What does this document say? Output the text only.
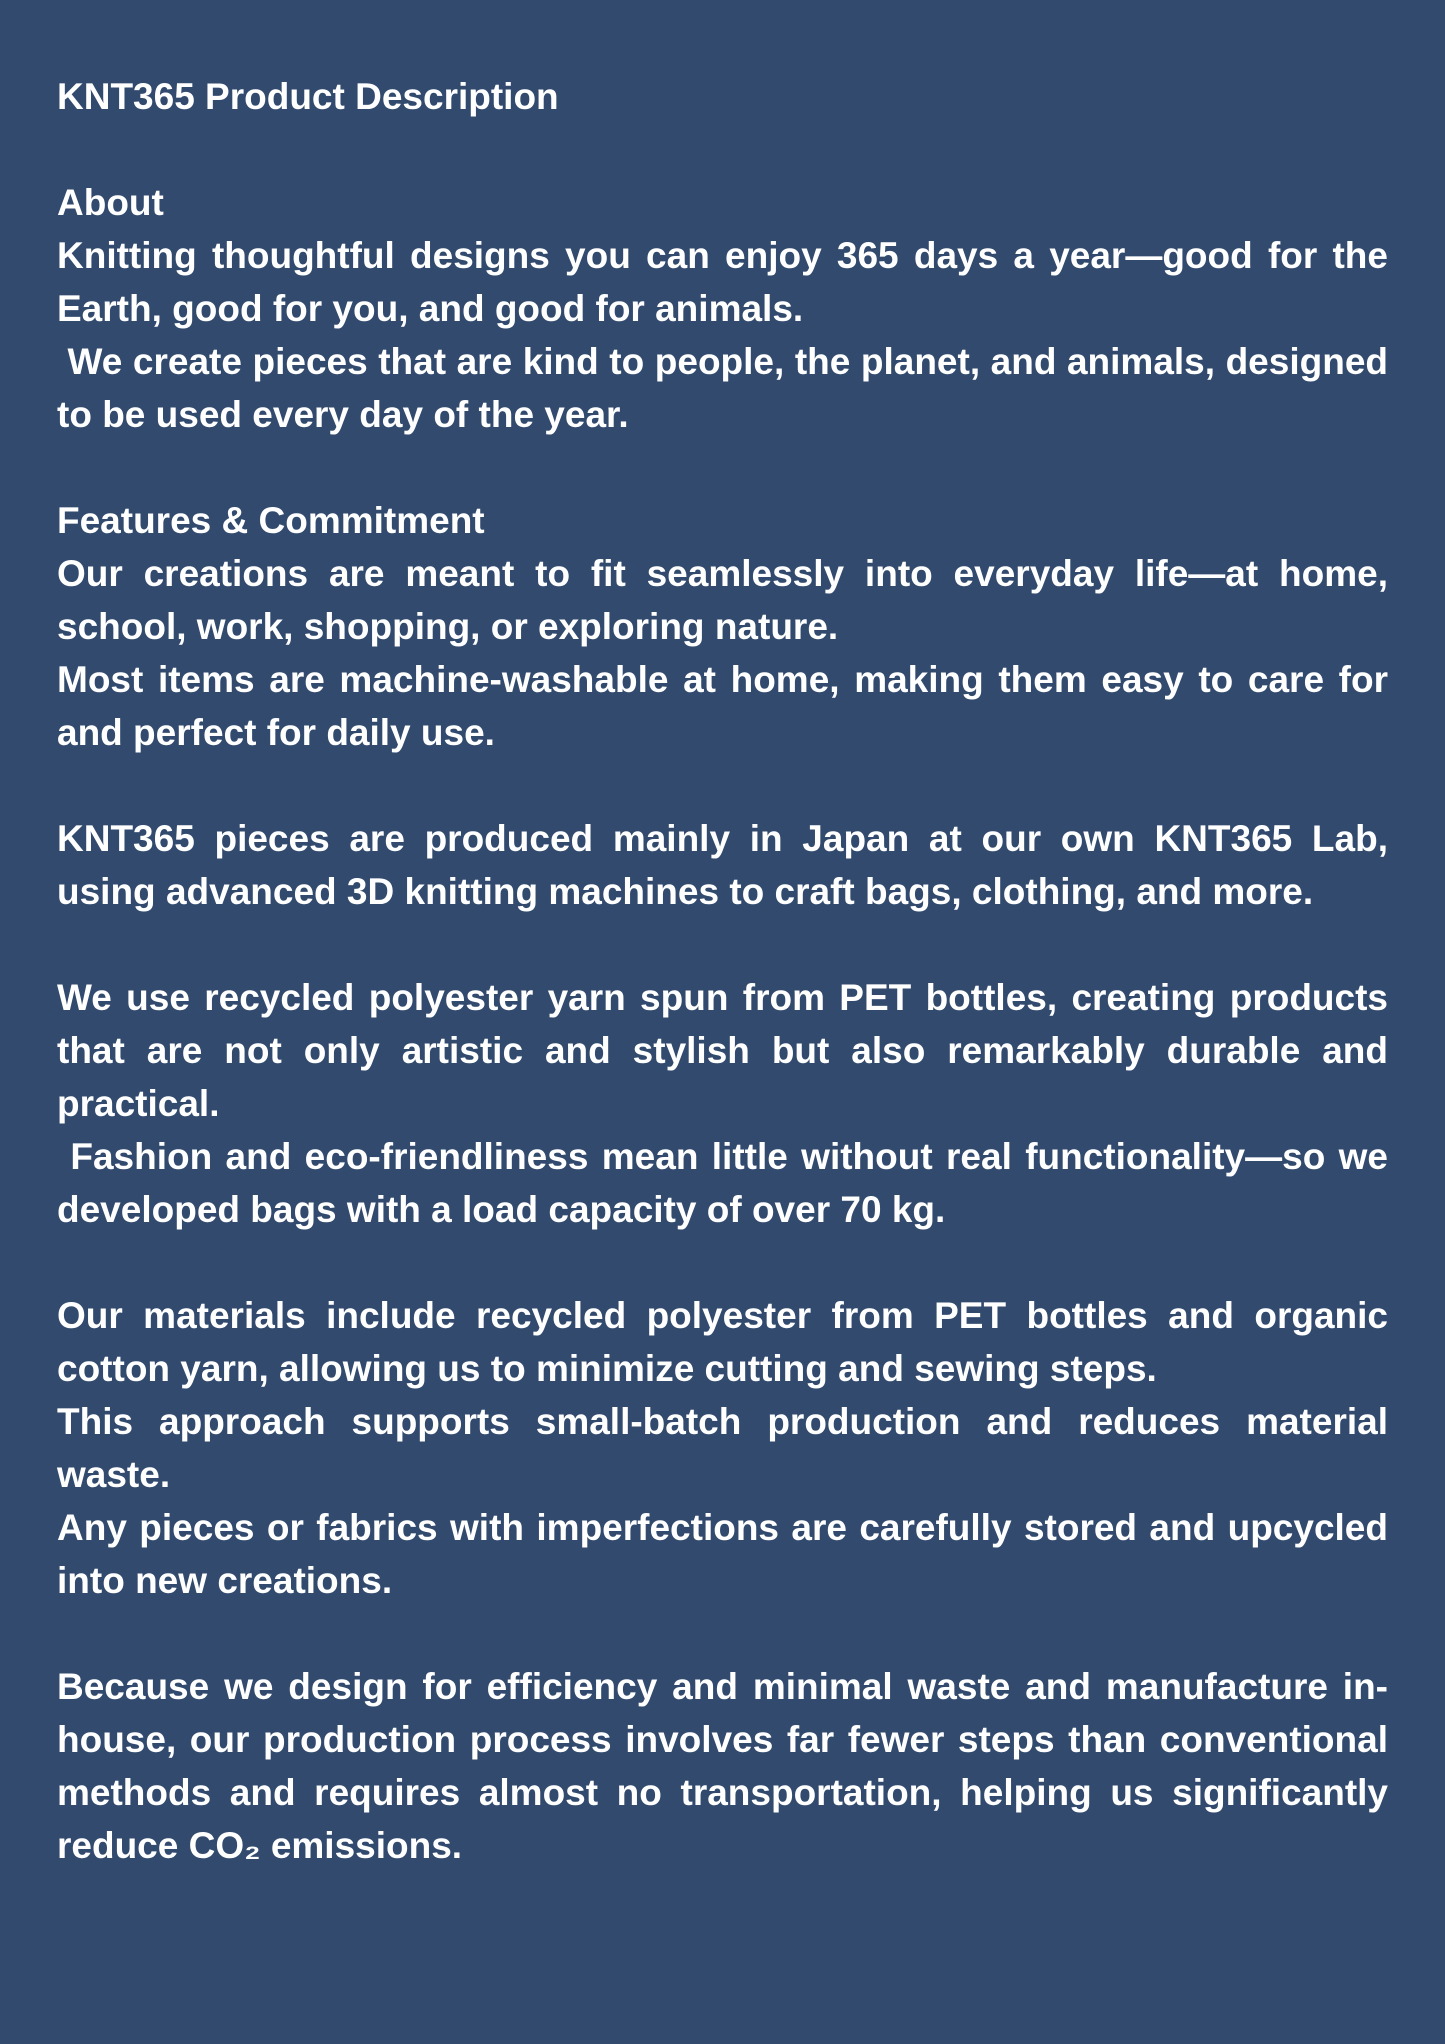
KNT365 Product Description

About

Knitting thoughtful designs you can enjoy 365 days a year—good for the Earth, good for you, and good for animals.

We create pieces that are kind to people, the planet, and animals, designed to be used every day of the year.

Features & Commitment

Our creations are meant to fit seamlessly into everyday life—at home, school, work, shopping, or exploring nature.

Most items are machine-washable at home, making them easy to care for and perfect for daily use.

KNT365 pieces are produced mainly in Japan at our own KNT365 Lab, using advanced 3D knitting machines to craft bags, clothing, and more.

We use recycled polyester yarn spun from PET bottles, creating products that are not only artistic and stylish but also remarkably durable and practical.

Fashion and eco-friendliness mean little without real functionality—so we developed bags with a load capacity of over 70 kg.

Our materials include recycled polyester from PET bottles and organic cotton yarn, allowing us to minimize cutting and sewing steps.

This approach supports small-batch production and reduces material waste.

Any pieces or fabrics with imperfections are carefully stored and upcycled into new creations.

Because we design for efficiency and minimal waste and manufacture in-house, our production process involves far fewer steps than conventional methods and requires almost no transportation, helping us significantly reduce CO₂ emissions.
